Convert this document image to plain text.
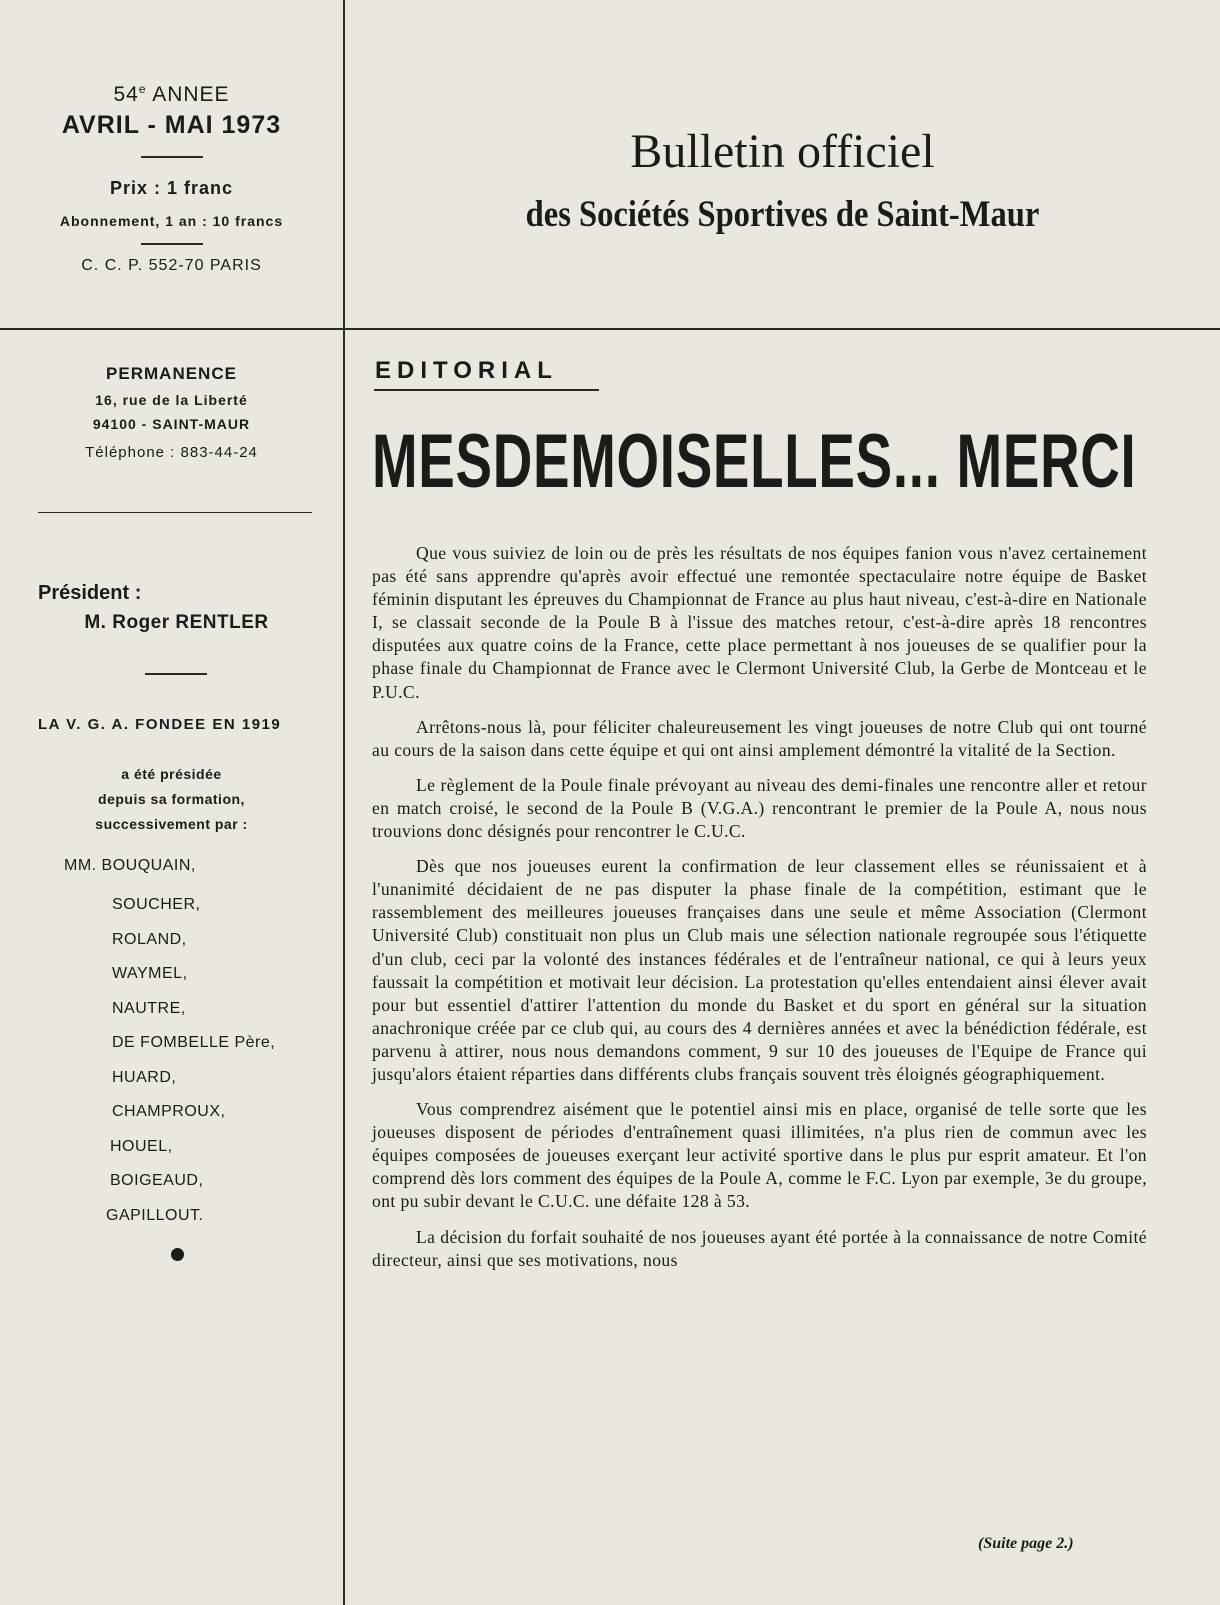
54e ANNEE
AVRIL - MAI 1973
Prix : 1 franc
Abonnement, 1 an : 10 francs
C. C. P. 552-70 PARIS
Bulletin officiel
des Sociétés Sportives de Saint-Maur
PERMANENCE
16, rue de la Liberté
94100 - SAINT-MAUR
Téléphone : 883-44-24
Président :
M. Roger RENTLER
LA V. G. A. FONDEE EN 1919
a été présidée
depuis sa formation,
successivement par :
MM. BOUQUAIN,
SOUCHER,
ROLAND,
WAYMEL,
NAUTRE,
DE FOMBELLE Père,
HUARD,
CHAMPROUX,
HOUEL,
BOIGEAUD,
GAPILLOUT.
EDITORIAL
MESDEMOISELLES... MERCI

Que vous suiviez de loin ou de près les résultats de nos équipes fanion vous n'avez certainement pas été sans apprendre qu'après avoir effectué une remontée spectaculaire notre équipe de Basket féminin disputant les épreuves du Championnat de France au plus haut niveau, c'est-à-dire en Nationale I, se classait seconde de la Poule B à l'issue des matches retour, c'est-à-dire après 18 rencontres disputées aux quatre coins de la France, cette place permettant à nos joueuses de se qualifier pour la phase finale du Championnat de France avec le Clermont Université Club, la Gerbe de Montceau et le P.U.C.

Arrêtons-nous là, pour féliciter chaleureusement les vingt joueuses de notre Club qui ont tourné au cours de la saison dans cette équipe et qui ont ainsi amplement démontré la vitalité de la Section.

Le règlement de la Poule finale prévoyant au niveau des demi-finales une rencontre aller et retour en match croisé, le second de la Poule B (V.G.A.) rencontrant le premier de la Poule A, nous nous trouvions donc désignés pour rencontrer le C.U.C.

Dès que nos joueuses eurent la confirmation de leur classement elles se réunissaient et à l'unanimité décidaient de ne pas disputer la phase finale de la compétition, estimant que le rassemblement des meilleures joueuses françaises dans une seule et même Association (Clermont Université Club) constituait non plus un Club mais une sélection nationale regroupée sous l'étiquette d'un club, ceci par la volonté des instances fédérales et de l'entraîneur national, ce qui à leurs yeux faussait la compétition et motivait leur décision. La protestation qu'elles entendaient ainsi élever avait pour but essentiel d'attirer l'attention du monde du Basket et du sport en général sur la situation anachronique créée par ce club qui, au cours des 4 dernières années et avec la bénédiction fédérale, est parvenu à attirer, nous nous demandons comment, 9 sur 10 des joueuses de l'Equipe de France qui jusqu'alors étaient réparties dans différents clubs français souvent très éloignés géographiquement.

Vous comprendrez aisément que le potentiel ainsi mis en place, organisé de telle sorte que les joueuses disposent de périodes d'entraînement quasi illimitées, n'a plus rien de commun avec les équipes composées de joueuses exerçant leur activité sportive dans le plus pur esprit amateur. Et l'on comprend dès lors comment des équipes de la Poule A, comme le F.C. Lyon par exemple, 3e du groupe, ont pu subir devant le C.U.C. une défaite 128 à 53.

La décision du forfait souhaité de nos joueuses ayant été portée à la connaissance de notre Comité directeur, ainsi que ses motivations, nous

(Suite page 2.)
